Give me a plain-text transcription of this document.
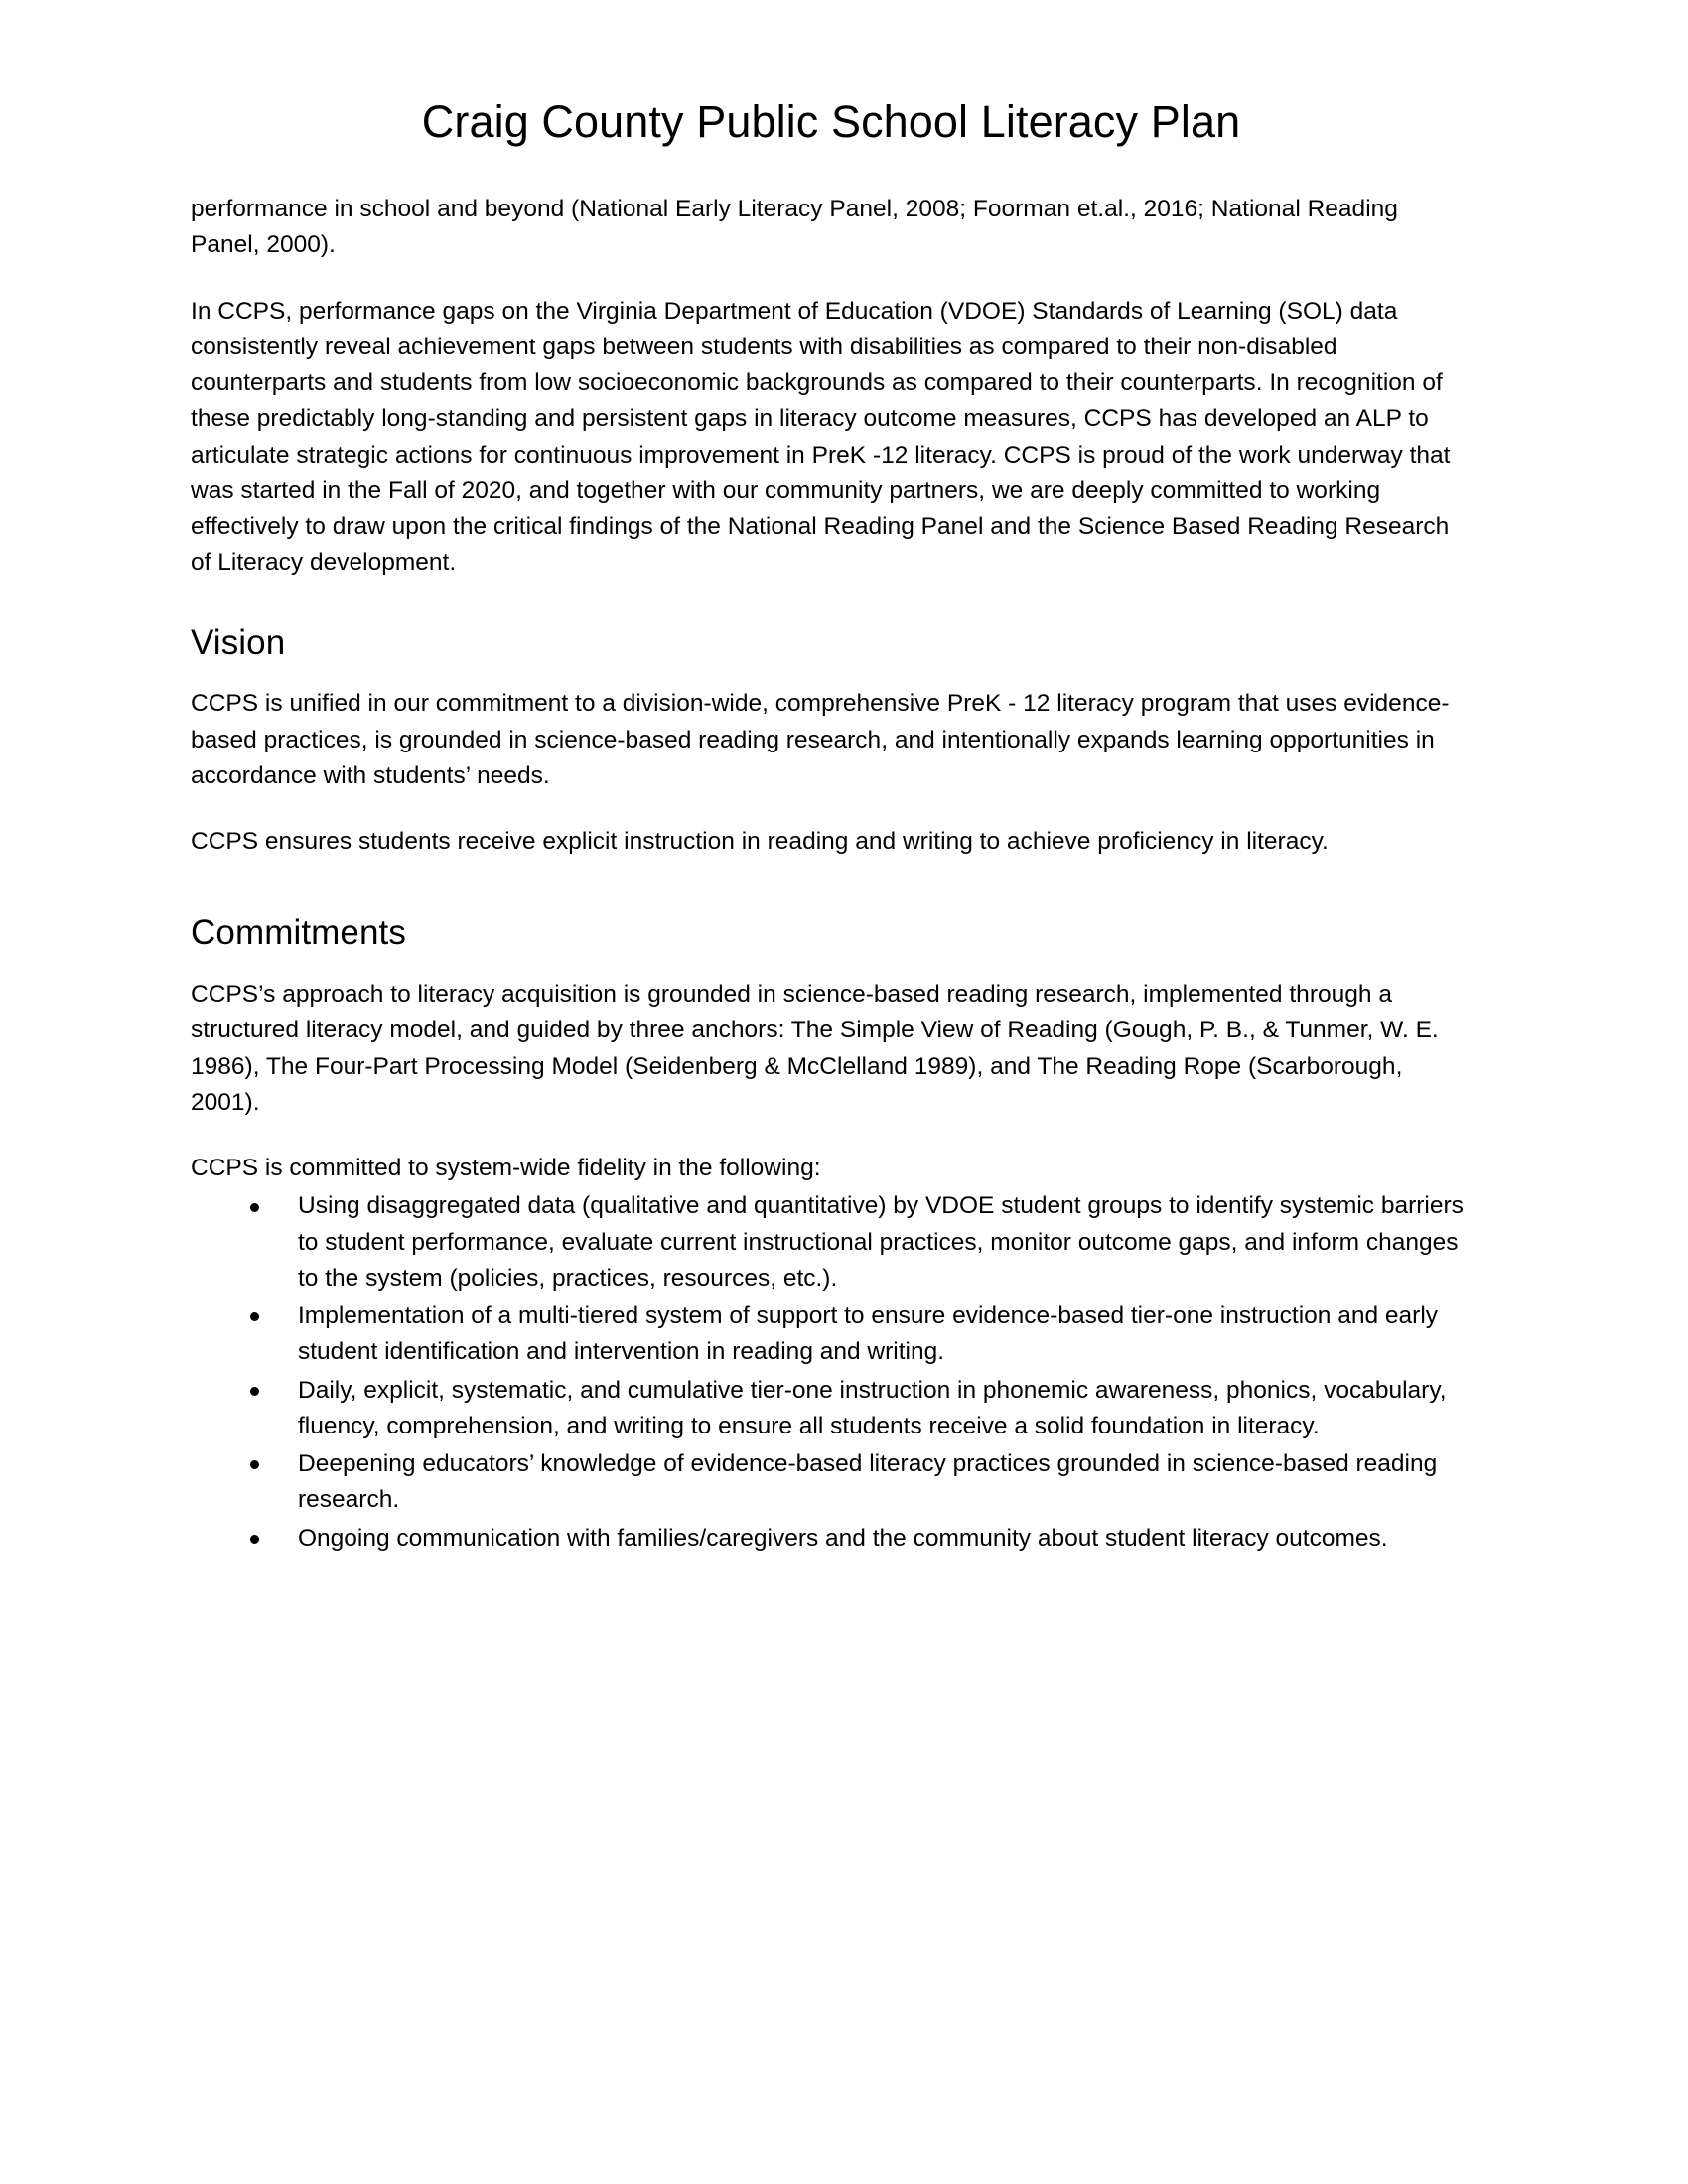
Craig County Public School Literacy Plan

performance in school and beyond (National Early Literacy Panel, 2008; Foorman et.al., 2016; National Reading Panel, 2000).

In CCPS, performance gaps on the Virginia Department of Education (VDOE) Standards of Learning (SOL) data consistently reveal achievement gaps between students with disabilities as compared to their non-disabled counterparts and students from low socioeconomic backgrounds as compared to their counterparts. In recognition of these predictably long-standing and persistent gaps in literacy outcome measures, CCPS has developed an ALP to articulate strategic actions for continuous improvement in PreK -12 literacy. CCPS is proud of the work underway that was started in the Fall of 2020, and together with our community partners, we are deeply committed to working effectively to draw upon the critical findings of the National Reading Panel and the Science Based Reading Research of Literacy development.

Vision

CCPS is unified in our commitment to a division-wide, comprehensive PreK - 12 literacy program that uses evidence-based practices, is grounded in science-based reading research, and intentionally expands learning opportunities in accordance with students’ needs.

CCPS ensures students receive explicit instruction in reading and writing to achieve proficiency in literacy.

Commitments

CCPS’s approach to literacy acquisition is grounded in science-based reading research, implemented through a structured literacy model, and guided by three anchors: The Simple View of Reading (Gough, P. B., & Tunmer, W. E. 1986), The Four-Part Processing Model (Seidenberg & McClelland 1989), and The Reading Rope (Scarborough, 2001).

CCPS is committed to system-wide fidelity in the following:

Using disaggregated data (qualitative and quantitative) by VDOE student groups to identify systemic barriers to student performance, evaluate current instructional practices, monitor outcome gaps, and inform changes to the system (policies, practices, resources, etc.).
Implementation of a multi-tiered system of support to ensure evidence-based tier-one instruction and early student identification and intervention in reading and writing.
Daily, explicit, systematic, and cumulative tier-one instruction in phonemic awareness, phonics, vocabulary, fluency, comprehension, and writing to ensure all students receive a solid foundation in literacy.
Deepening educators’ knowledge of evidence-based literacy practices grounded in science-based reading research.
Ongoing communication with families/caregivers and the community about student literacy outcomes.
